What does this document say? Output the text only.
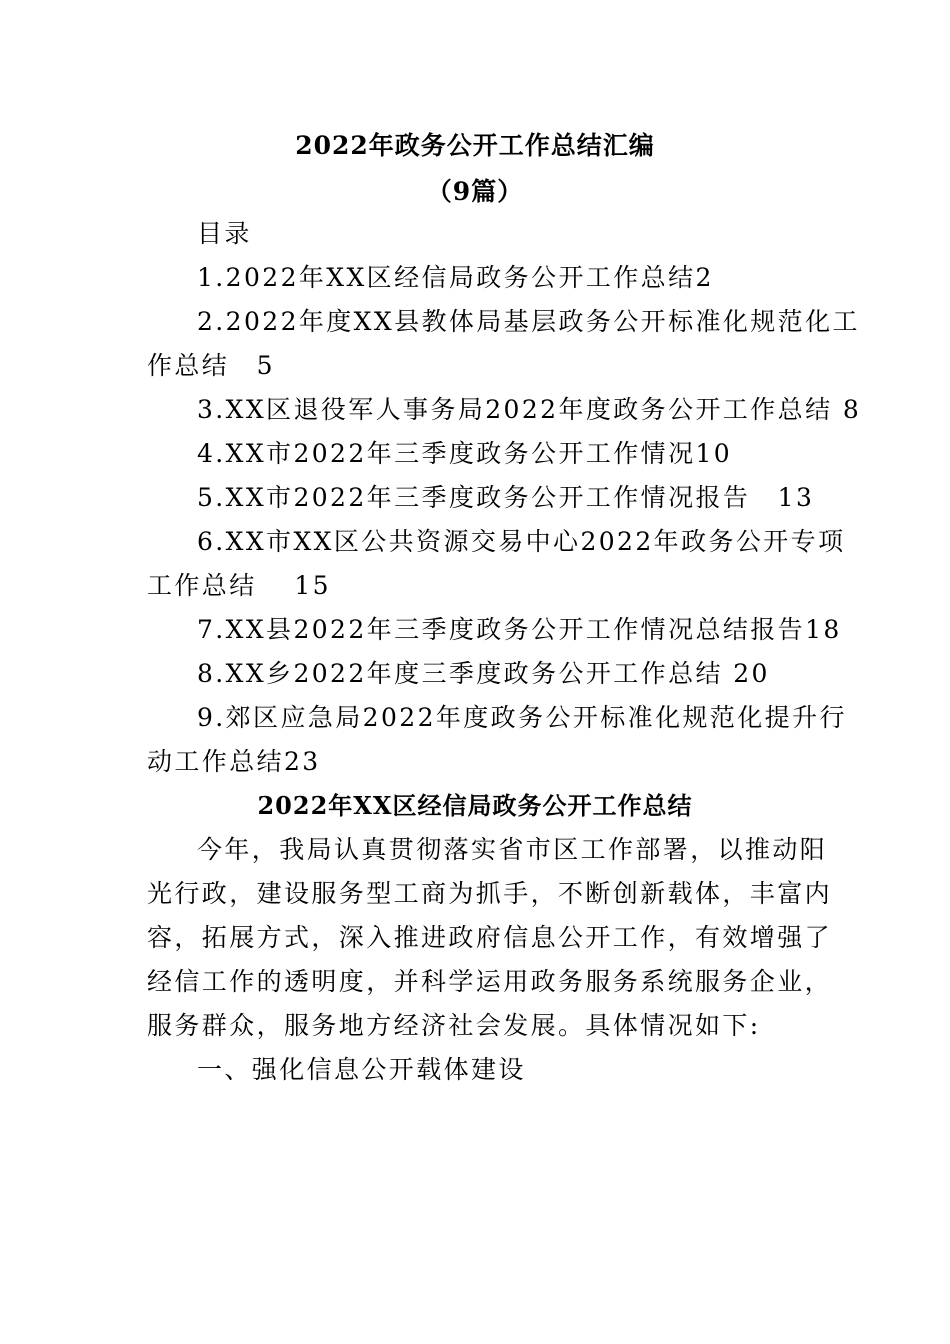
2022年政务公开工作总结汇编
（9篇）
目录
1.2022年XX区经信局政务公开工作总结2
2.2022年度XX县教体局基层政务公开标准化规范化工
作总结　5
3.XX区退役军人事务局2022年度政务公开工作总结 8
4.XX市2022年三季度政务公开工作情况10
5.XX市2022年三季度政务公开工作情况报告　13
6.XX市XX区公共资源交易中心2022年政务公开专项
工作总结　 15
7.XX县2022年三季度政务公开工作情况总结报告18
8.XX乡2022年度三季度政务公开工作总结 20
9.郊区应急局2022年度政务公开标准化规范化提升行
动工作总结23
2022年XX区经信局政务公开工作总结
今年，我局认真贯彻落实省市区工作部署，以推动阳
光行政，建设服务型工商为抓手，不断创新载体，丰富内
容，拓展方式，深入推进政府信息公开工作，有效增强了
经信工作的透明度，并科学运用政务服务系统服务企业，
服务群众，服务地方经济社会发展。具体情况如下:
一、强化信息公开载体建设
